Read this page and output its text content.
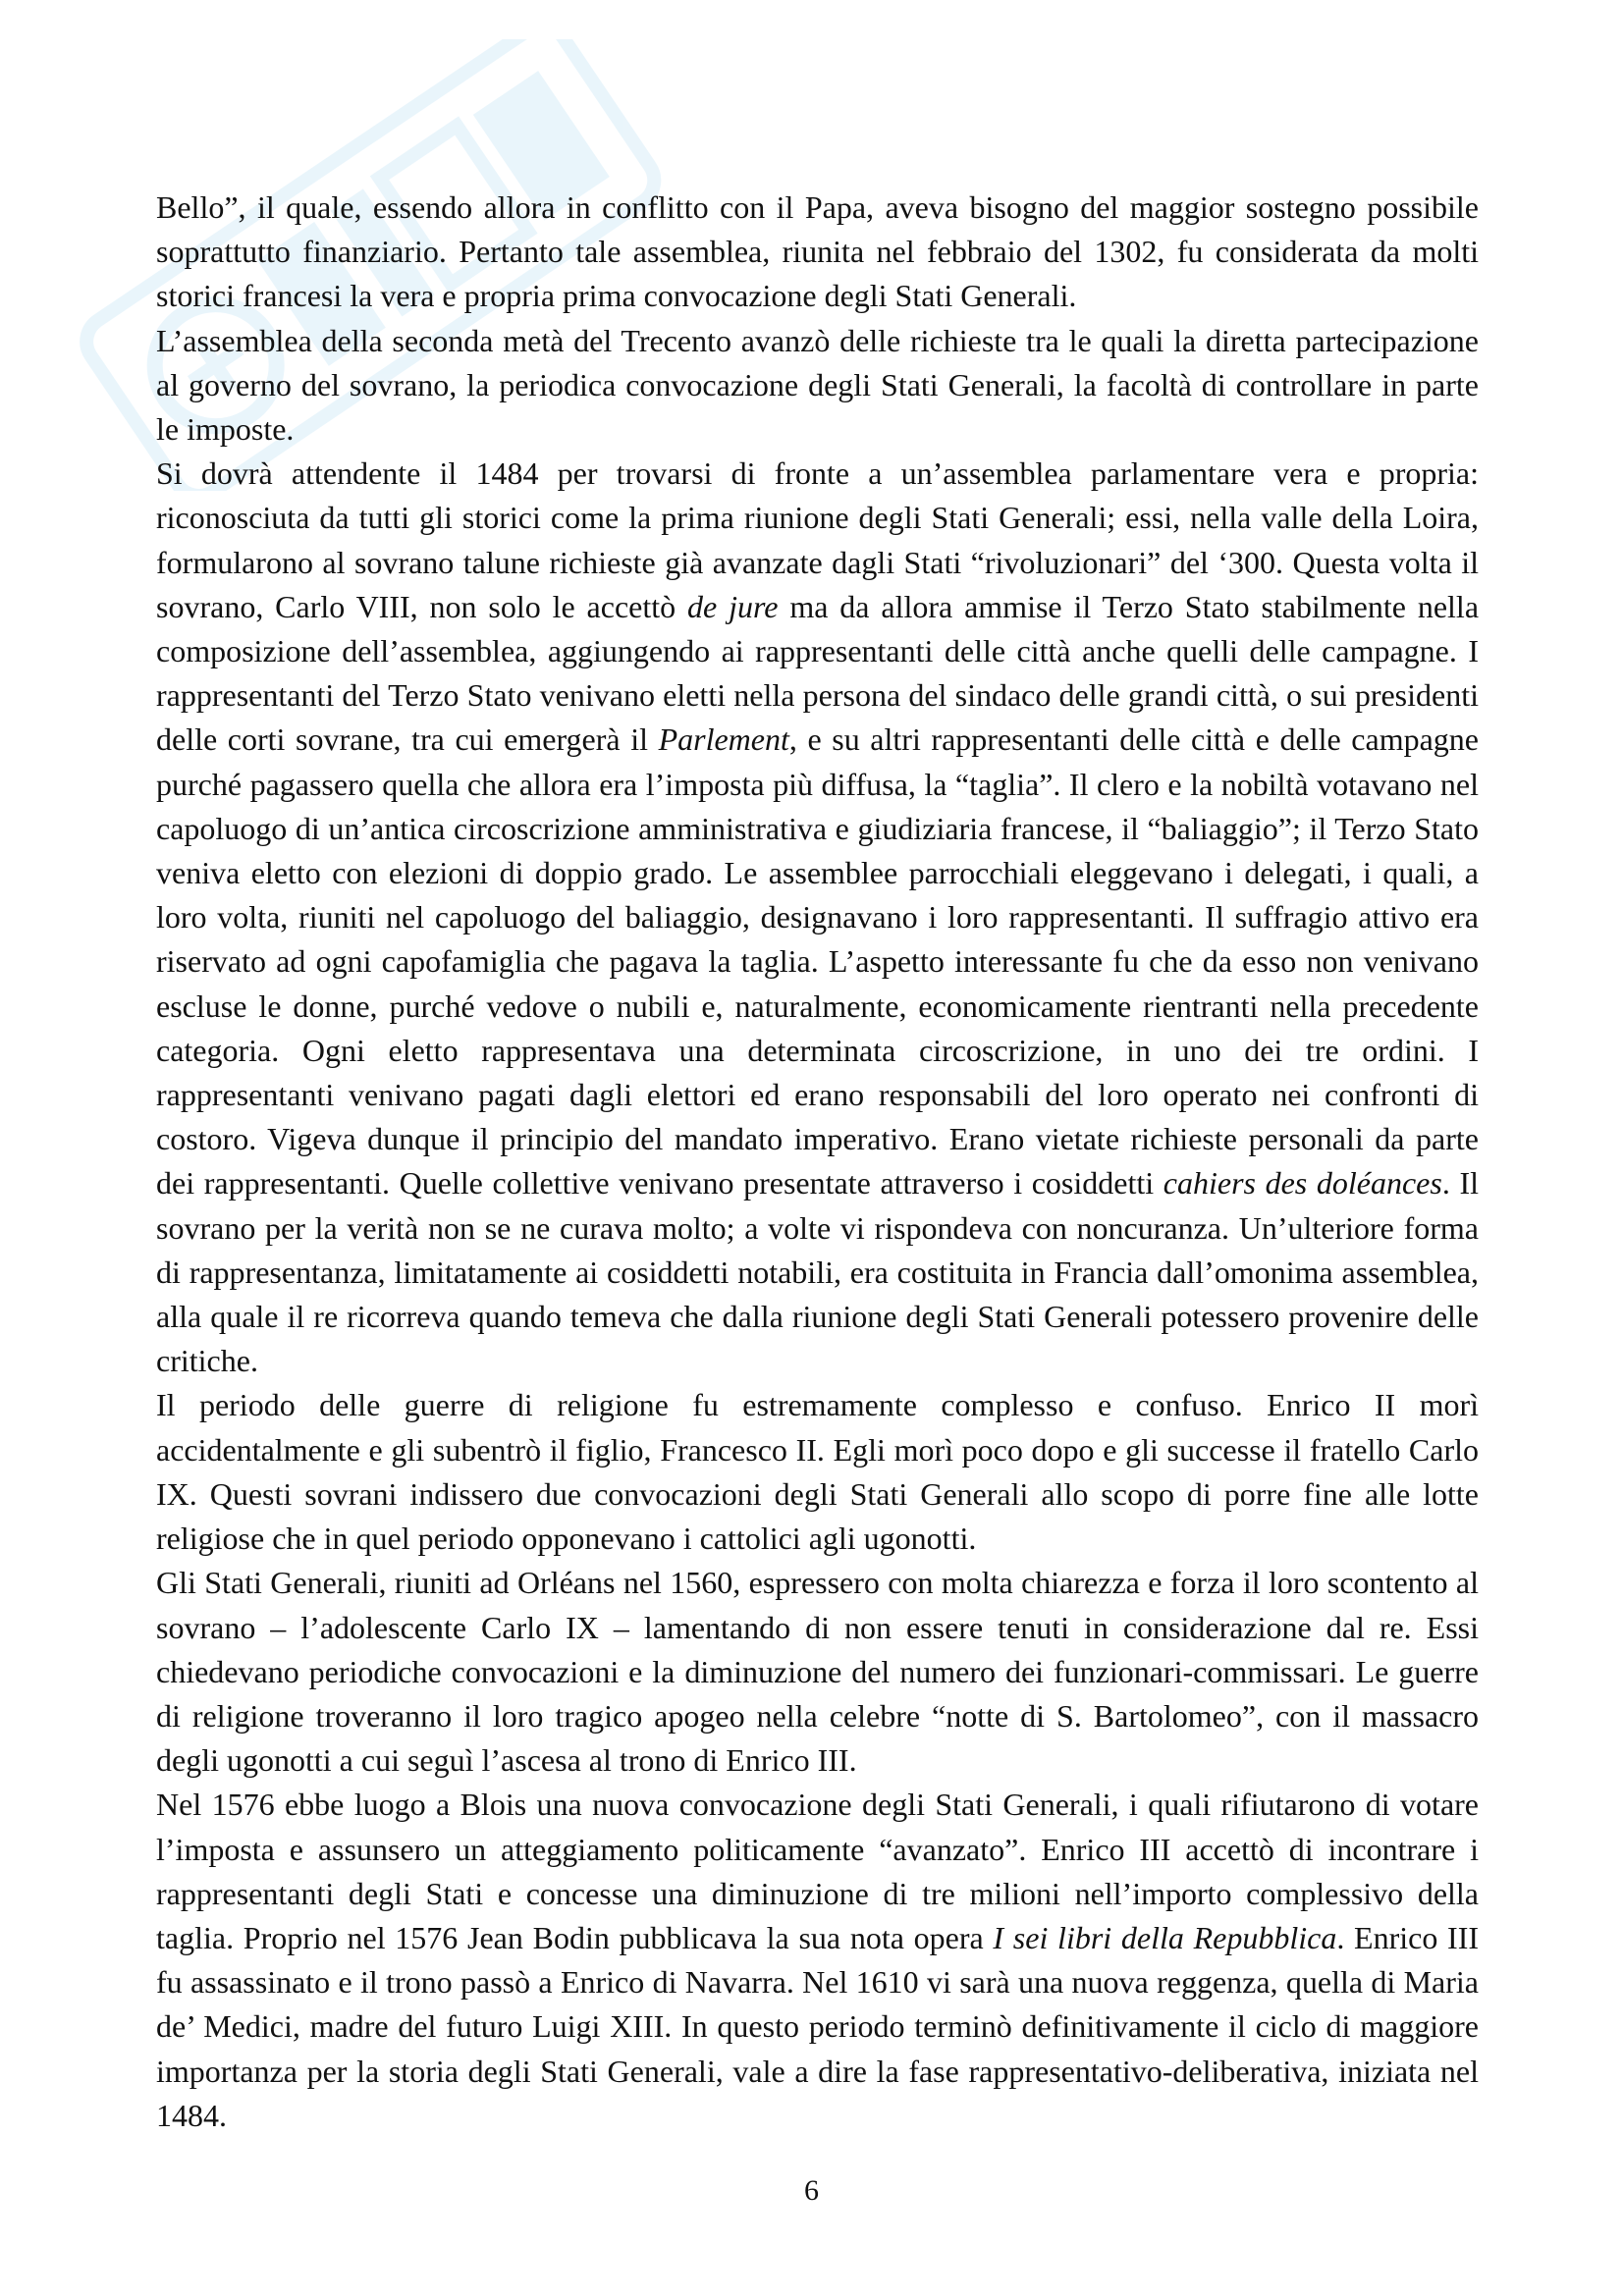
Bello”, il quale, essendo allora in conflitto con il Papa, aveva bisogno del maggior sostegno possibile soprattutto finanziario. Pertanto tale assemblea, riunita nel febbraio del 1302, fu considerata da molti storici francesi la vera e propria prima convocazione degli Stati Generali.

L’assemblea della seconda metà del Trecento avanzò delle richieste tra le quali la diretta partecipazione al governo del sovrano, la periodica convocazione degli Stati Generali, la facoltà di controllare in parte le imposte.

Si dovrà attendente il 1484 per trovarsi di fronte a un’assemblea parlamentare vera e propria: riconosciuta da tutti gli storici come la prima riunione degli Stati Generali; essi, nella valle della Loira, formularono al sovrano talune richieste già avanzate dagli Stati “rivoluzionari” del ‘300. Questa volta il sovrano, Carlo VIII, non solo le accettò de jure ma da allora ammise il Terzo Stato stabilmente nella composizione dell’assemblea, aggiungendo ai rappresentanti delle città anche quelli delle campagne. I rappresentanti del Terzo Stato venivano eletti nella persona del sindaco delle grandi città, o sui presidenti delle corti sovrane, tra cui emergerà il Parlement, e su altri rappresentanti delle città e delle campagne purché pagassero quella che allora era l’imposta più diffusa, la “taglia”. Il clero e la nobiltà votavano nel capoluogo di un’antica circoscrizione amministrativa e giudiziaria francese, il “baliaggio”; il Terzo Stato veniva eletto con elezioni di doppio grado. Le assemblee parrocchiali eleggevano i delegati, i quali, a loro volta, riuniti nel capoluogo del baliaggio, designavano i loro rappresentanti. Il suffragio attivo era riservato ad ogni capofamiglia che pagava la taglia. L’aspetto interessante fu che da esso non venivano escluse le donne, purché vedove o nubili e, naturalmente, economicamente rientranti nella precedente categoria. Ogni eletto rappresentava una determinata circoscrizione, in uno dei tre ordini. I rappresentanti venivano pagati dagli elettori ed erano responsabili del loro operato nei confronti di costoro. Vigeva dunque il principio del mandato imperativo. Erano vietate richieste personali da parte dei rappresentanti. Quelle collettive venivano presentate attraverso i cosiddetti cahiers des doléances. Il sovrano per la verità non se ne curava molto; a volte vi rispondeva con noncuranza. Un’ulteriore forma di rappresentanza, limitatamente ai cosiddetti notabili, era costituita in Francia dall’omonima assemblea, alla quale il re ricorreva quando temeva che dalla riunione degli Stati Generali potessero provenire delle critiche.

Il periodo delle guerre di religione fu estremamente complesso e confuso. Enrico II morì accidentalmente e gli subentrò il figlio, Francesco II. Egli morì poco dopo e gli successe il fratello Carlo IX. Questi sovrani indissero due convocazioni degli Stati Generali allo scopo di porre fine alle lotte religiose che in quel periodo opponevano i cattolici agli ugonotti.

Gli Stati Generali, riuniti ad Orléans nel 1560, espressero con molta chiarezza e forza il loro scontento al sovrano – l’adolescente Carlo IX – lamentando di non essere tenuti in considerazione dal re. Essi chiedevano periodiche convocazioni e la diminuzione del numero dei funzionari-commissari. Le guerre di religione troveranno il loro tragico apogeo nella celebre “notte di S. Bartolomeo”, con il massacro degli ugonotti a cui seguì l’ascesa al trono di Enrico III.

Nel 1576 ebbe luogo a Blois una nuova convocazione degli Stati Generali, i quali rifiutarono di votare l’imposta e assunsero un atteggiamento politicamente “avanzato”. Enrico III accettò di incontrare i rappresentanti degli Stati e concesse una diminuzione di tre milioni nell’importo complessivo della taglia. Proprio nel 1576 Jean Bodin pubblicava la sua nota opera I sei libri della Repubblica. Enrico III fu assassinato e il trono passò a Enrico di Navarra. Nel 1610 vi sarà una nuova reggenza, quella di Maria de’ Medici, madre del futuro Luigi XIII. In questo periodo terminò definitivamente il ciclo di maggiore importanza per la storia degli Stati Generali, vale a dire la fase rappresentativo-deliberativa, iniziata nel 1484.

6
